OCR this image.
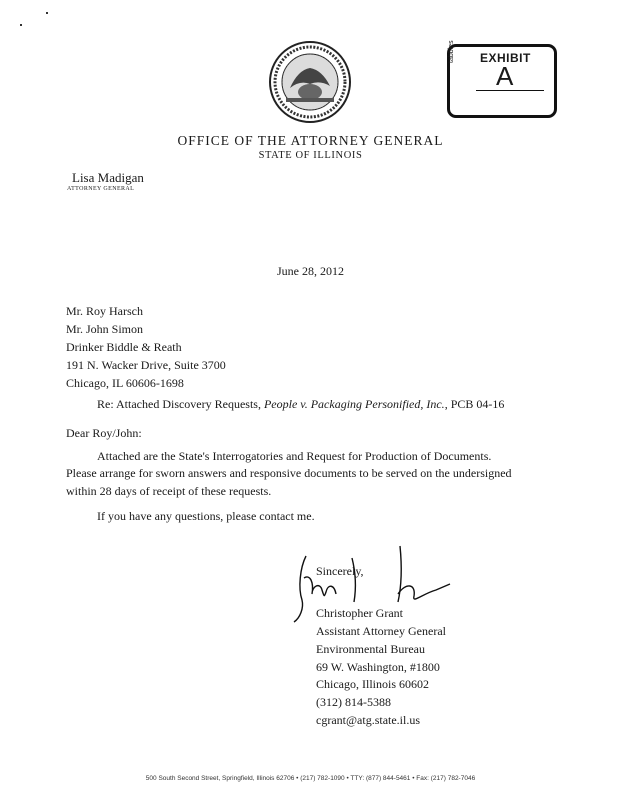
tabbies EXHIBIT
A
OFFICE OF THE ATTORNEY GENERAL
STATE OF ILLINOIS
Lisa Madigan
ATTORNEY GENERAL
June 28, 2012
Mr. Roy Harsch
Mr. John Simon
Drinker Biddle & Reath
191 N. Wacker Drive, Suite 3700
Chicago, IL 60606-1698
Re: Attached Discovery Requests, People v. Packaging Personified, Inc., PCB 04-16
Dear Roy/John:
Attached are the State's Interrogatories and Request for Production of Documents.
Please arrange for sworn answers and responsive documents to be served on the undersigned
within 28 days of receipt of these requests.
If you have any questions, please contact me.
Sincerely,
Christopher Grant
Assistant Attorney General
Environmental Bureau
69 W. Washington, #1800
Chicago, Illinois 60602
(312) 814-5388
cgrant@atg.state.il.us
500 South Second Street, Springfield, Illinois 62706 • (217) 782-1090 • TTY: (877) 844-5461 • Fax: (217) 782-7046
